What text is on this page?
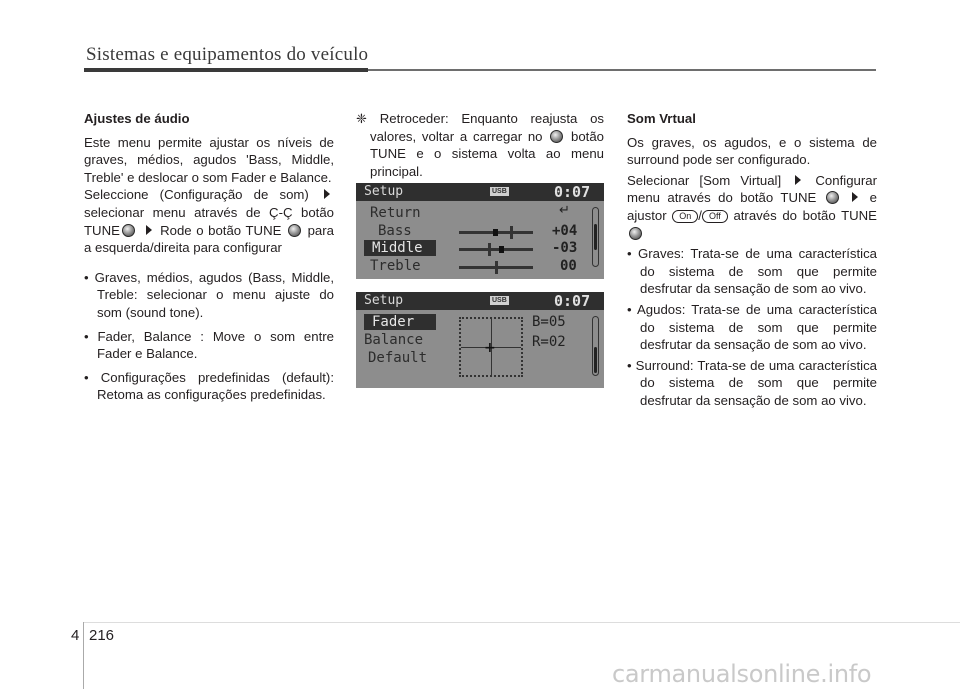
Sistemas e equipamentos do veículo

Ajustes de áudio

Este menu permite ajustar os níveis de graves, médios, agudos 'Bass, Middle, Treble' e deslocar o som Fader e Balance.

Seleccione (Configuração de som)  selecionar menu através de Ç-Ç botão TUNE	Rode o botão TUNE para a esquerda/direita para configurar

• Graves, médios, agudos (Bass, Middle, Treble: selecionar o menu ajuste do som (sound tone).

• Fader, Balance : Move o som entre Fader e Balance.

• Configurações predefinidas (default): Retoma as configurações predefinidas.

❈ Retroceder: Enquanto reajusta os valores, voltar a carregar no botão TUNE e o sistema volta ao menu principal.

Setup	USB	0:07
Return	↵
Bass
Middle
Treble
+04
-03
00
Setup	USB	0:07
Fader
Balance
Default
+
B=05
R=02

Som Vrtual

Os graves, os agudos, e o sistema de surround pode ser configurado.

Selecionar [Som Virtual]	Configurar menu através do botão TUNE	e ajustor On / Off através do botão TUNE

• Graves: Trata-se de uma característica do sistema de som que permite desfrutar da sensação de som ao vivo.

• Agudos: Trata-se de uma característica do sistema de som que permite desfrutar da sensação de som ao vivo.

• Surround: Trata-se de uma característica do sistema de som que permite desfrutar da sensação de som ao vivo.

4 216
carmanualsonline.info
